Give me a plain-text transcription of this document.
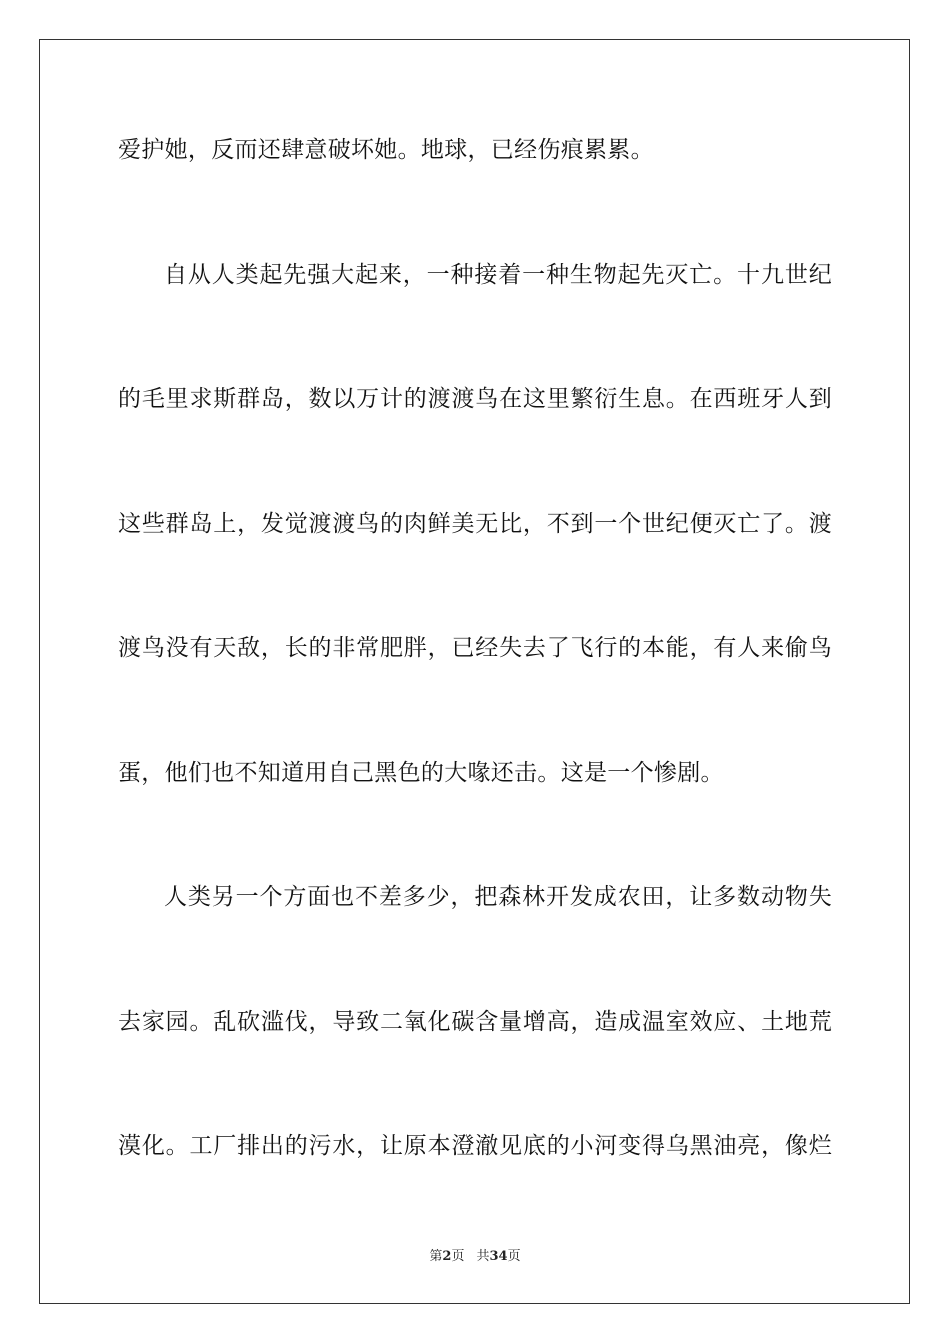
爱护她，反而还肆意破坏她。地球，已经伤痕累累。
自从人类起先强大起来，一种接着一种生物起先灭亡。十九世纪
的毛里求斯群岛，数以万计的渡渡鸟在这里繁衍生息。在西班牙人到
这些群岛上，发觉渡渡鸟的肉鲜美无比，不到一个世纪便灭亡了。渡
渡鸟没有天敌，长的非常肥胖，已经失去了飞行的本能，有人来偷鸟
蛋，他们也不知道用自己黑色的大喙还击。这是一个惨剧。
人类另一个方面也不差多少，把森林开发成农田，让多数动物失
去家园。乱砍滥伐，导致二氧化碳含量增高，造成温室效应、土地荒
漠化。工厂排出的污水，让原本澄澈见底的小河变得乌黑油亮，像烂
第2页 共34页
